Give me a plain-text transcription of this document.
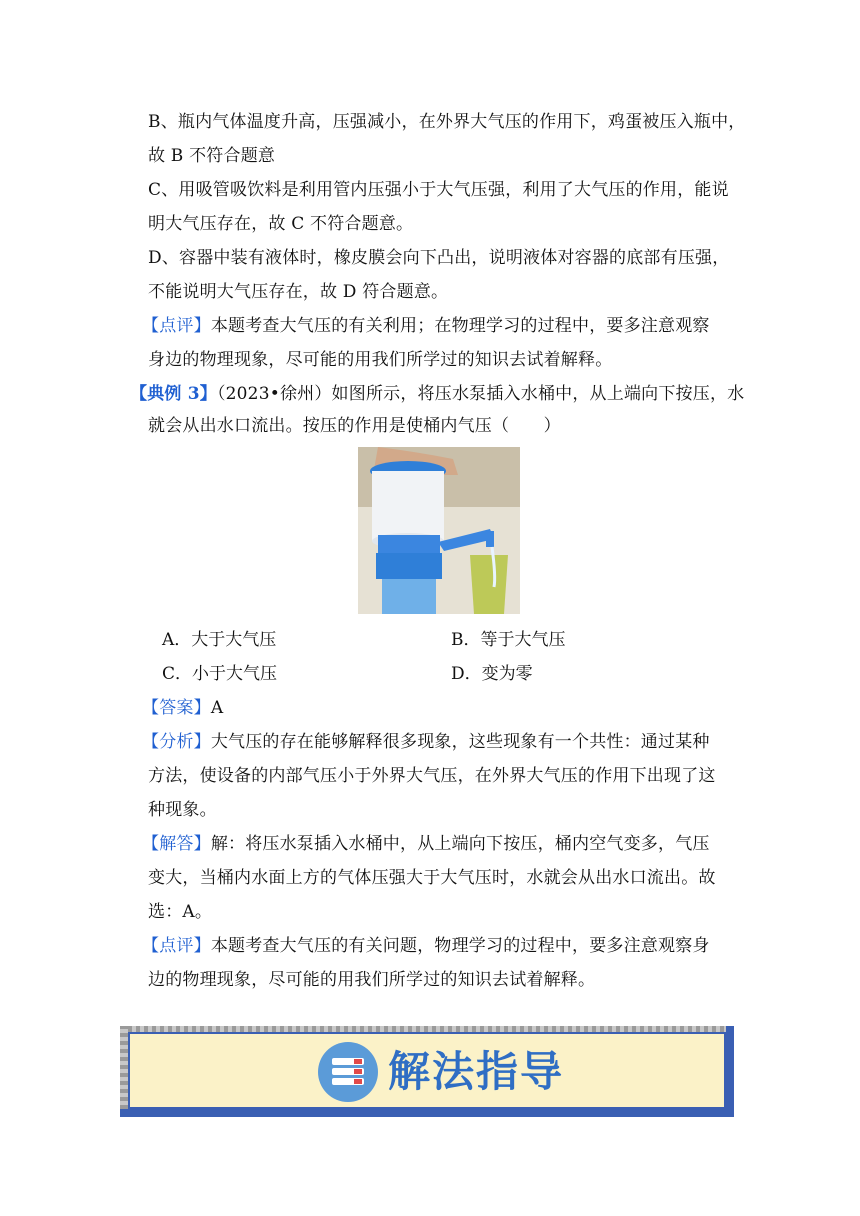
B、瓶内气体温度升高，压强减小，在外界大气压的作用下，鸡蛋被压入瓶中，
故 B 不符合题意
C、用吸管吸饮料是利用管内压强小于大气压强，利用了大气压的作用，能说
明大气压存在，故 C 不符合题意。
D、容器中装有液体时，橡皮膜会向下凸出，说明液体对容器的底部有压强，
不能说明大气压存在，故 D 符合题意。
【点评】本题考查大气压的有关利用；在物理学习的过程中，要多注意观察
身边的物理现象，尽可能的用我们所学过的知识去试着解释。
【典例 3】（2023•徐州）如图所示，将压水泵插入水桶中，从上端向下按压，水
就会从出水口流出。按压的作用是使桶内气压（　　）
A．大于大气压	B．等于大气压
C．小于大气压	D．变为零
【答案】A
【分析】大气压的存在能够解释很多现象，这些现象有一个共性：通过某种
方法，使设备的内部气压小于外界大气压，在外界大气压的作用下出现了这
种现象。
【解答】解：将压水泵插入水桶中，从上端向下按压，桶内空气变多，气压
变大，当桶内水面上方的气体压强大于大气压时，水就会从出水口流出。故
选：A。
【点评】本题考查大气压的有关问题，物理学习的过程中，要多注意观察身
边的物理现象，尽可能的用我们所学过的知识去试着解释。
解法指导
